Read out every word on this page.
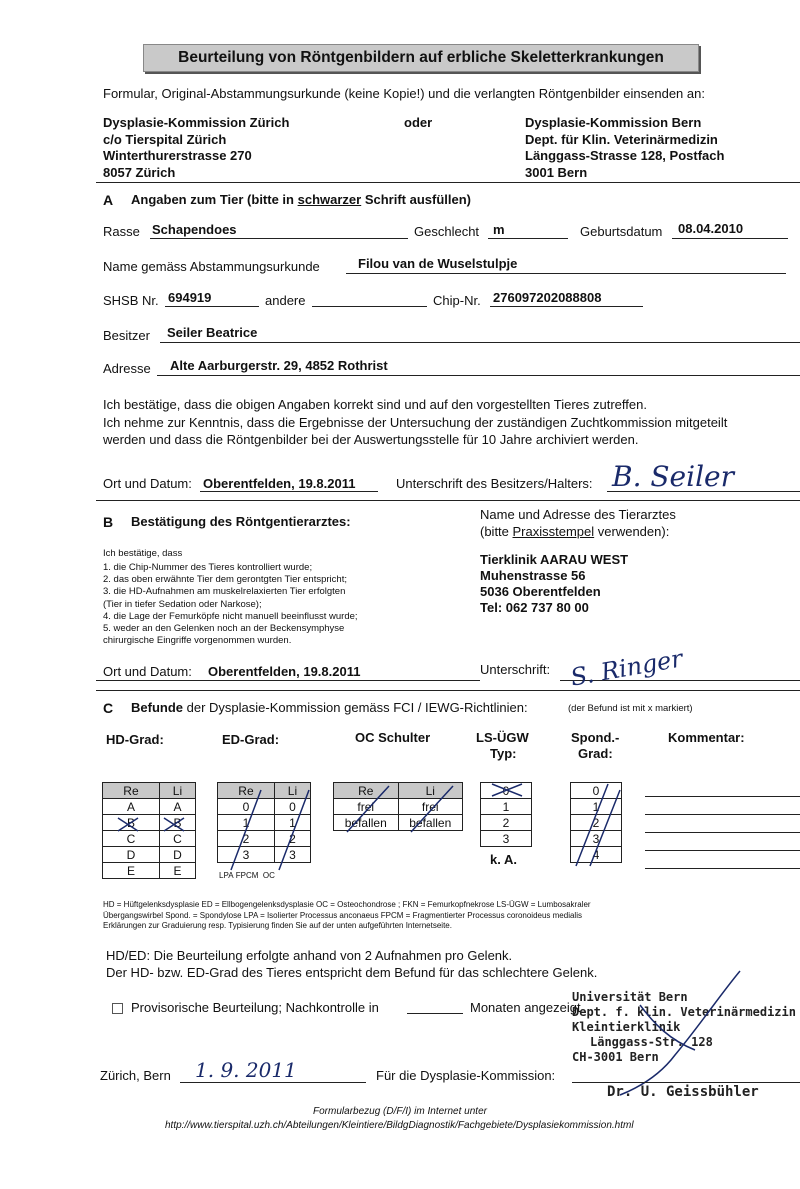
Beurteilung von Röntgenbildern auf erbliche Skeletterkrankungen
Formular, Original-Abstammungsurkunde (keine Kopie!) und die verlangten Röntgenbilder einsenden an:
Dysplasie-Kommission Zürich
c/o Tierspital Zürich
Winterthurerstrasse 270
8057 Zürich
oder	Dysplasie-Kommission Bern
Dept. für Klin. Veterinärmedizin
Länggass-Strasse 128, Postfach
3001 Bern
A Angaben zum Tier (bitte in schwarzer Schrift ausfüllen)
Rasse Schapendoes	Geschlecht m	Geburtsdatum 08.04.2010
Name gemäss Abstammungsurkunde	Filou van de Wuselstulpje
SHSB Nr. 694919	andere	Chip-Nr. 276097202088808
Besitzer Seiler Beatrice
Adresse Alte Aarburgerstr. 29, 4852 Rothrist
Ich bestätige, dass die obigen Angaben korrekt sind und auf den vorgestellten Tieres zutreffen.
Ich nehme zur Kenntnis, dass die Ergebnisse der Untersuchung der zuständigen Zuchtkommission mitgeteilt
werden und dass die Röntgenbilder bei der Auswertungsstelle für 10 Jahre archiviert werden.
Ort und Datum: Oberentfelden, 19.8.2011	Unterschrift des Besitzers/Halters: B. Seiler
B Bestätigung des Röntgentierarztes:	Name und Adresse des Tierarztes
(bitte Praxisstempel verwenden):
Ich bestätige, dass
1. die Chip-Nummer des Tieres kontrolliert wurde;
2. das oben erwähnte Tier dem gerontgten Tier entspricht;
3. die HD-Aufnahmen am muskelrelaxierten Tier erfolgten
(Tier in tiefer Sedation oder Narkose);
4. die Lage der Femurköpfe nicht manuell beeinflusst wurde;
5. weder an den Gelenken noch an der Beckensymphyse
chirurgische Eingriffe vorgenommen wurden.
Tierklinik AARAU WEST
Muhenstrasse 56
5036 Oberentfelden
Tel: 062 737 80 00
Ort und Datum: Oberentfelden, 19.8.2011	Unterschrift: S. Ringer
C Befunde der Dysplasie-Kommission gemäss FCI / IEWG-Richtlinien:	(der Befund ist mit x markiert)
HD-Grad:	ED-Grad:	OC Schulter	LS-ÜGW
Typ:
Spond.-
Grad:
Kommentar:
Re	Li
A	A
B	B
C	C
D	D
E	E
Re	Li
0	0
1	1
2	2
3	3
LPA FPCM OC
Re	Li
frei	frei
befallen	befallen
0
1
2
3
k. A.
0
1
2
3
4
HD = Hüftgelenksdysplasie ED = Ellbogengelenksdysplasie OC = Osteochondrose ; FKN = Femurkopfnekrose LS-ÜGW = Lumbosakraler
Übergangswirbel Spond. = Spondylose LPA = Isolierter Processus anconaeus FPCM = Fragmentierter Processus coronoideus medialis
Erklärungen zur Graduierung resp. Typisierung finden Sie auf der unten aufgeführten Internetseite.
HD/ED: Die Beurteilung erfolgte anhand von 2 Aufnahmen pro Gelenk.
Der HD- bzw. ED-Grad des Tieres entspricht dem Befund für das schlechtere Gelenk.
Provisorische Beurteilung; Nachkontrolle in	Monaten angezeigt
Universität Bern
Dept. f. klin. Veterinärmedizin
Kleintierklinik
Länggass-Str. 128
CH-3001 Bern
Zürich, Bern 1. 9. 2011	Für die Dysplasie-Kommission:
Dr. U. Geissbühler
Formularbezug (D/F/I) im Internet unter
http://www.tierspital.uzh.ch/Abteilungen/Kleintiere/BildgDiagnostik/Fachgebiete/Dysplasiekommission.html
